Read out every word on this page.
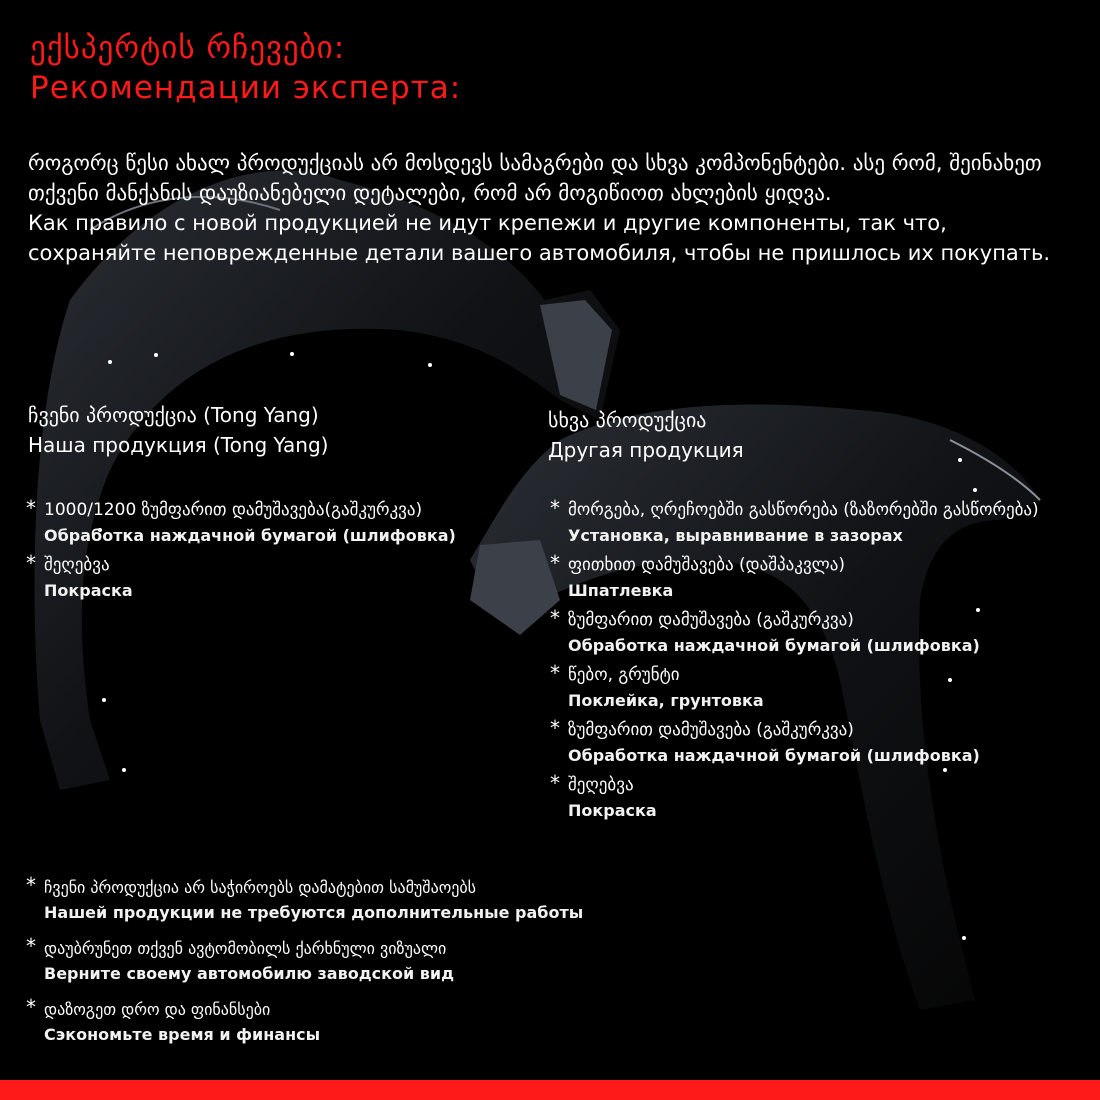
ექსპერტის რჩევები:
Рекомендации эксперта:

როგორც წესი ახალ პროდუქციას არ მოსდევს სამაგრები და სხვა კომპონენტები. ასე რომ, შეინახეთ თქვენი მანქანის დაუზიანებელი დეტალები, რომ არ მოგიწიოთ ახლების ყიდვა.

Как правило с новой продукцией не идут крепежи и другие компоненты, так что, сохраняйте неповрежденные детали вашего автомобиля, чтобы не пришлось их покупать.

ჩვენი პროდუქცია (Tong Yang)
Наша продукция (Tong Yang)
სხვა პროდუქცია
Другая продукция
* 1000/1200 ზუმფარით დამუშავება(გაშკურკვა)
Обработка наждачной бумагой (шлифовка)
* შეღებვა
Покраска
* მორგება, ღრეჩოებში გასწორება (ზაზორებში გასწორება)
Установка, выравнивание в зазорах
* ფითხით დამუშავება (დაშპაკვლა)
Шпатлевка
* ზუმფარით დამუშავება (გაშკურკვა)
Обработка наждачной бумагой (шлифовка)
* წებო, გრუნტი
Поклейка, грунтовка
* ზუმფარით დამუშავება (გაშკურკვა)
Обработка наждачной бумагой (шлифовка)
* შეღებვა
Покраска
* ჩვენი პროდუქცია არ საჭიროებს დამატებით სამუშაოებს
Нашей продукции не требуются дополнительные работы
* დაუბრუნეთ თქვენ ავტომობილს ქარხნული ვიზუალი
Верните своему автомобилю заводской вид
* დაზოგეთ დრო და ფინანსები
Сэкономьте время и финансы
